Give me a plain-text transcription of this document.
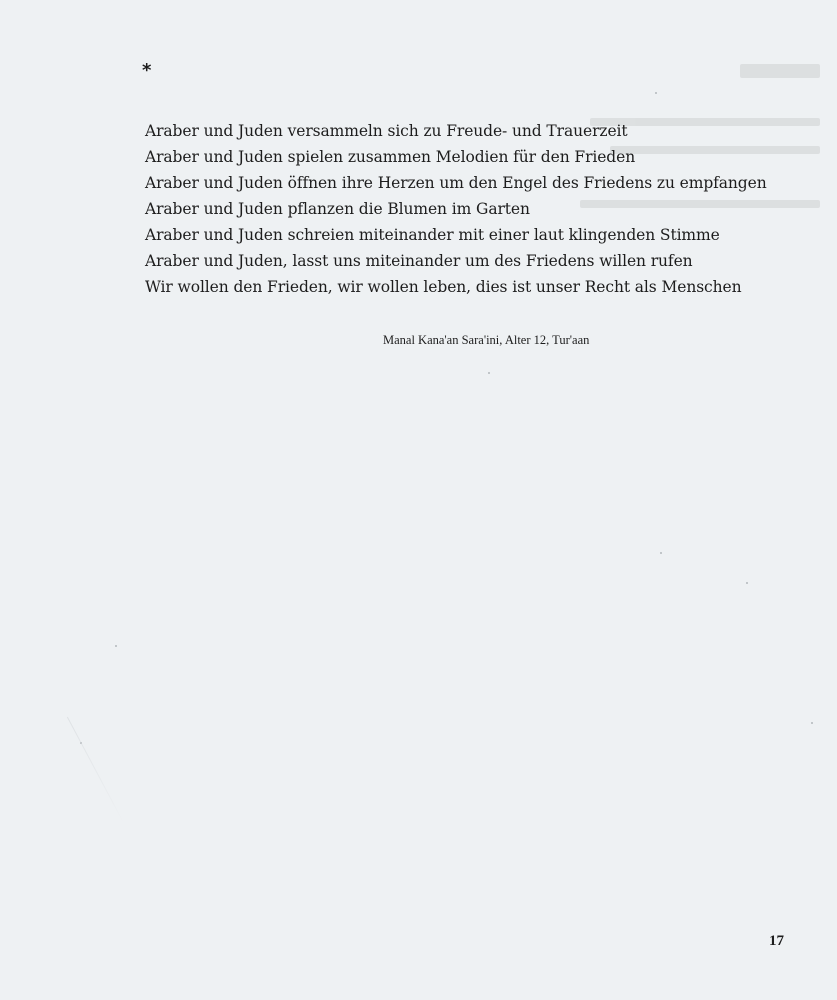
*
Araber und Juden versammeln sich zu Freude- und Trauerzeit
Araber und Juden spielen zusammen Melodien für den Frieden
Araber und Juden öffnen ihre Herzen um den Engel des Friedens zu empfangen
Araber und Juden pflanzen die Blumen im Garten
Araber und Juden schreien miteinander mit einer laut klingenden Stimme
Araber und Juden, lasst uns miteinander um des Friedens willen rufen
Wir wollen den Frieden, wir wollen leben, dies ist unser Recht als Menschen
Manal Kana'an Sara'ini, Alter 12, Tur'aan
17
